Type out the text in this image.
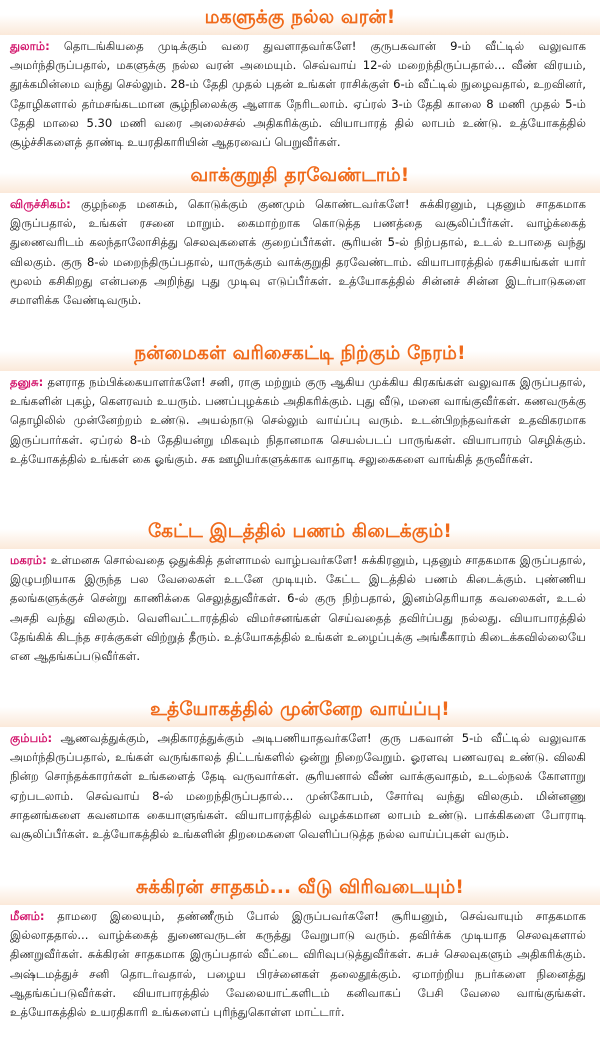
மகளுக்கு நல்ல வரன்!
துலாம்: தொடங்கியதை முடிக்கும் வரை துவளாதவர்களே! குருபகவான் 9-ம் வீட்டில் வலுவாக அமர்ந்திருப்பதால், மகளுக்கு நல்ல வரன் அமையும். செவ்வாய் 12-ல் மறைந்திருப்பதால்... வீண் விரயம், தூக்கமின்மை வந்து செல்லும். 28-ம் தேதி முதல் புதன் உங்கள் ராசிக்குள் 6-ம் வீட்டில் நுழைவதால், உறவினர், தோழிகளால் தர்மசங்கடமான சூழ்நிலைக்கு ஆளாக நேரிடலாம். ஏப்ரல் 3-ம் தேதி காலை 8 மணி முதல் 5-ம் தேதி மாலை 5.30 மணி வரை அலைச்சல் அதிகரிக்கும். வியாபாரத் தில் லாபம் உண்டு. உத்யோகத்தில் சூழ்ச்சிகளைத் தாண்டி உயரதிகாரியின் ஆதரவைப் பெறுவீர்கள்.
வாக்குறுதி தரவேண்டாம்!
விருச்சிகம்: குழந்தை மனசும், கொடுக்கும் குணமும் கொண்டவர்களே! சுக்கிரனும், புதனும் சாதகமாக இருப்பதால், உங்கள் ரசனை மாறும். கைமாற்றாக கொடுத்த பணத்தை வசூலிப்பீர்கள். வாழ்க்கைத் துணைவரிடம் கலந்தாலோசித்து செலவுகளைக் குறைப்பீர்கள். சூரியன் 5-ல் நிற்பதால், உடல் உபாதை வந்து விலகும். குரு 8-ல் மறைந்திருப்பதால், யாருக்கும் வாக்குறுதி தரவேண்டாம். வியாபாரத்தில் ரகசியங்கள் யார் மூலம் கசிகிறது என்பதை அறிந்து புது முடிவு எடுப்பீர்கள். உத்யோகத்தில் சின்னச் சின்ன இடர்பாடுகளை சமாளிக்க வேண்டிவரும்.
நன்மைகள் வரிசைகட்டி நிற்கும் நேரம்!
தனுசு: தளராத நம்பிக்கையாளர்களே! சனி, ராகு மற்றும் குரு ஆகிய முக்கிய கிரகங்கள் வலுவாக இருப்பதால், உங்களின் புகழ், கௌரவம் உயரும். பணப்புழக்கம் அதிகரிக்கும். புது வீடு, மனை வாங்குவீர்கள். கணவருக்கு தொழிலில் முன்னேற்றம் உண்டு. அயல்நாடு செல்லும் வாய்ப்பு வரும். உடன்பிறந்தவர்கள் உதவிகரமாக இருப்பார்கள். ஏப்ரல் 8-ம் தேதியன்று மிகவும் நிதானமாக செயல்படப் பாருங்கள். வியாபாரம் செழிக்கும். உத்யோகத்தில் உங்கள் கை ஓங்கும். சக ஊழியர்களுக்காக வாதாடி சலுகைகளை வாங்கித் தருவீர்கள்.
கேட்ட இடத்தில் பணம் கிடைக்கும்!
மகரம்: உள்மனசு சொல்வதை ஒதுக்கித் தள்ளாமல் வாழ்பவர்களே! சுக்கிரனும், புதனும் சாதகமாக இருப்பதால், இழுபறியாக இருந்த பல வேலைகள் உடனே முடியும். கேட்ட இடத்தில் பணம் கிடைக்கும். புண்ணிய தலங்களுக்குச் சென்று காணிக்கை செலுத்துவீர்கள். 6-ல் குரு நிற்பதால், இனம்தெரியாத கவலைகள், உடல் அசதி வந்து விலகும். வெளிவட்டாரத்தில் விமர்சனங்கள் செய்வதைத் தவிர்ப்பது நல்லது. வியாபாரத்தில் தேங்கிக் கிடந்த சரக்குகள் விற்றுத் தீரும். உத்யோகத்தில் உங்கள் உழைப்புக்கு அங்கீகாரம் கிடைக்கவில்லையே என ஆதங்கப்படுவீர்கள்.
உத்யோகத்தில் முன்னேற வாய்ப்பு!
கும்பம்: ஆணவத்துக்கும், அதிகாரத்துக்கும் அடிபணியாதவர்களே! குரு பகவான் 5-ம் வீட்டில் வலுவாக அமர்ந்திருப்பதால், உங்கள் வருங்காலத் திட்டங்களில் ஒன்று நிறைவேறும். ஓரளவு பணவரவு உண்டு. விலகி நின்ற சொந்தக்காரர்கள் உங்களைத் தேடி வருவார்கள். சூரியனால் வீண் வாக்குவாதம், உடல்நலக் கோளாறு ஏற்படலாம். செவ்வாய் 8-ல் மறைந்திருப்பதால்... முன்கோபம், சோர்வு வந்து விலகும். மின்னணு சாதனங்களை கவனமாக கையாளுங்கள். வியாபாரத்தில் வழக்கமான லாபம் உண்டு. பாக்கிகளை போராடி வசூலிப்பீர்கள். உத்யோகத்தில் உங்களின் திறமைகளை வெளிப்படுத்த நல்ல வாய்ப்புகள் வரும்.
சுக்கிரன் சாதகம்... வீடு விரிவடையும்!
மீனம்: தாமரை இலையும், தண்ணீரும் போல் இருப்பவர்களே! சூரியனும், செவ்வாயும் சாதகமாக இல்லாததால்... வாழ்க்கைத் துணைவருடன் கருத்து வேறுபாடு வரும். தவிர்க்க முடியாத செலவுகளால் திணறுவீர்கள். சுக்கிரன் சாதகமாக இருப்பதால் வீட்டை விரிவுபடுத்துவீர்கள். சுபச் செலவுகளும் அதிகரிக்கும். அஷ்டமத்துச் சனி தொடர்வதால், பழைய பிரச்னைகள் தலைதூக்கும். ஏமாற்றிய நபர்களை நினைத்து ஆதங்கப்படுவீர்கள். வியாபாரத்தில் வேலையாட்களிடம் கனிவாகப் பேசி வேலை வாங்குங்கள். உத்யோகத்தில் உயரதிகாரி உங்களைப் புரிந்துகொள்ள மாட்டார்.
